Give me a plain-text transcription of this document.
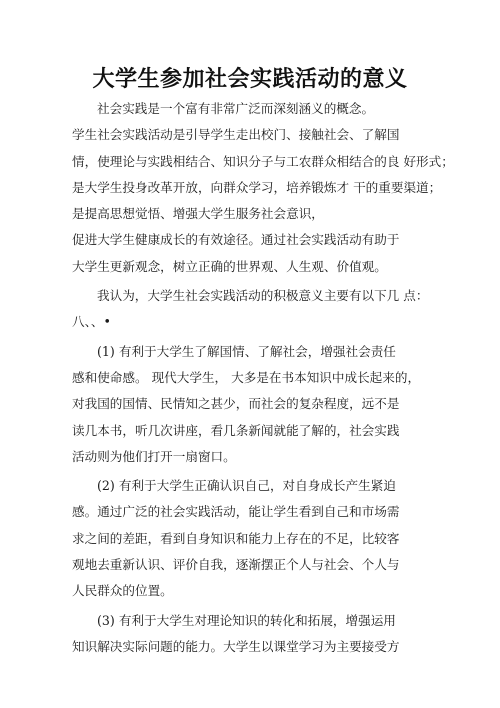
大学生参加社会实践活动的意义
社会实践是一个富有非常广泛而深刻涵义的概念。
学生社会实践活动是引导学生走出校门、接触社会、了解国
情，使理论与实践相结合、知识分子与工农群众相结合的良 好形式；
是大学生投身改革开放，向群众学习，培养锻炼才 干的重要渠道；
是提高思想觉悟、增强大学生服务社会意识，
促进大学生健康成长的有效途径。通过社会实践活动有助于
大学生更新观念，树立正确的世界观、人生观、价值观。
我认为，大学生社会实践活动的积极意义主要有以下几 点：
八、、•
(1) 有利于大学生了解国情、了解社会，增强社会责任
感和使命感。 现代大学生， 大多是在书本知识中成长起来的，
对我国的国情、民情知之甚少，而社会的复杂程度，远不是
读几本书，听几次讲座，看几条新闻就能了解的，社会实践
活动则为他们打开一扇窗口。
(2) 有利于大学生正确认识自己，对自身成长产生紧迫
感。通过广泛的社会实践活动，能让学生看到自己和市场需
求之间的差距，看到自身知识和能力上存在的不足，比较客
观地去重新认识、评价自我，逐渐摆正个人与社会、个人与
人民群众的位置。
(3) 有利于大学生对理论知识的转化和拓展，增强运用
知识解决实际问题的能力。大学生以课堂学习为主要接受方
